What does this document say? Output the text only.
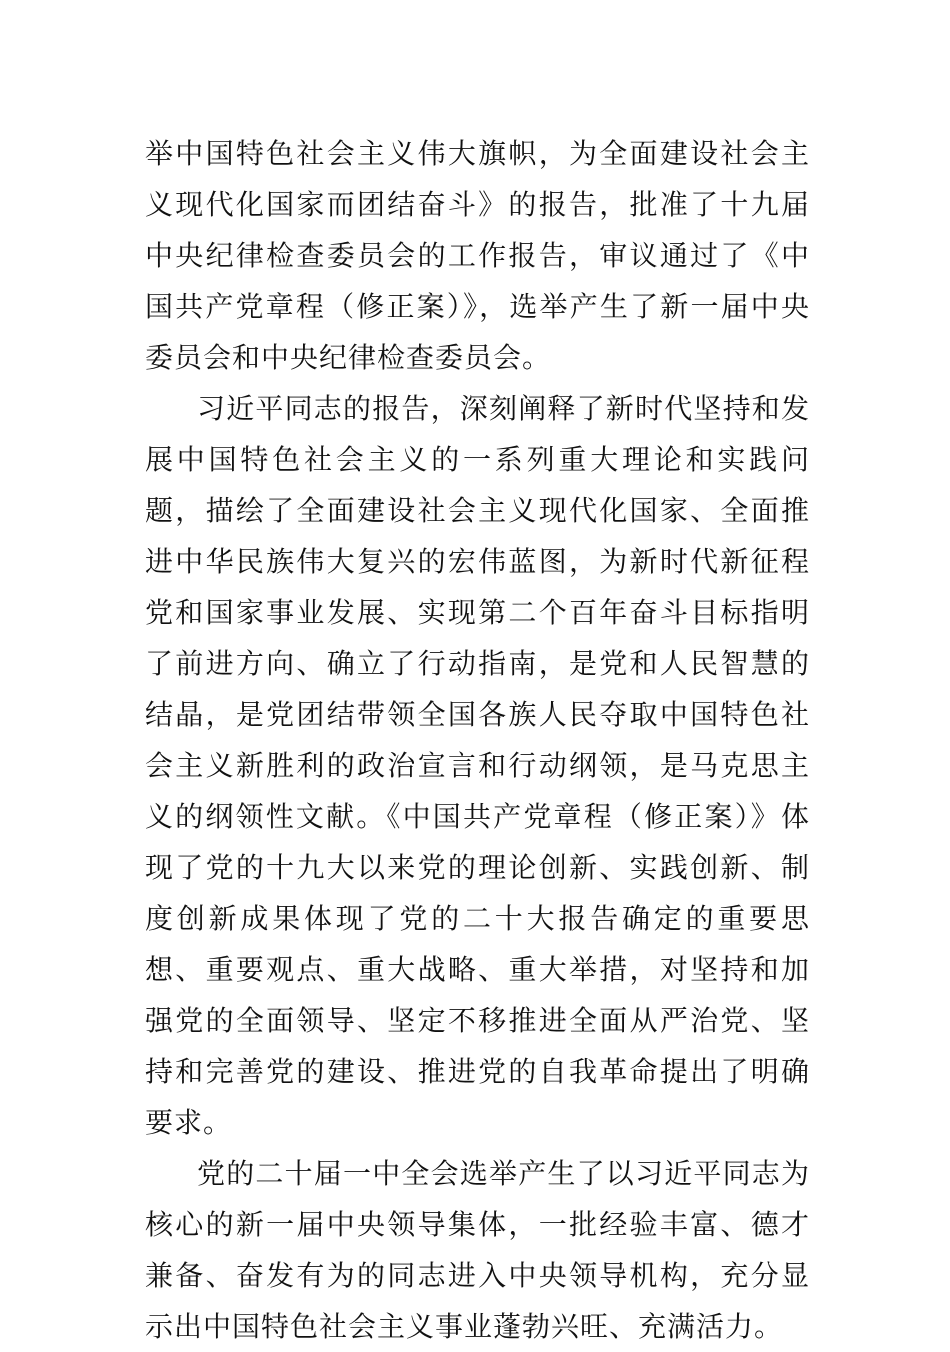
举中国特色社会主义伟大旗帜，为全面建设社会主义现代化国家而团结奋斗》的报告，批准了十九届中央纪律检查委员会的工作报告，审议通过了《中国共产党章程（修正案）》，选举产生了新一届中央委员会和中央纪律检查委员会。

习近平同志的报告，深刻阐释了新时代坚持和发展中国特色社会主义的一系列重大理论和实践问题，描绘了全面建设社会主义现代化国家、全面推进中华民族伟大复兴的宏伟蓝图，为新时代新征程党和国家事业发展、实现第二个百年奋斗目标指明了前进方向、确立了行动指南，是党和人民智慧的结晶，是党团结带领全国各族人民夺取中国特色社会主义新胜利的政治宣言和行动纲领，是马克思主义的纲领性文献。《中国共产党章程（修正案）》体现了党的十九大以来党的理论创新、实践创新、制度创新成果体现了党的二十大报告确定的重要思想、重要观点、重大战略、重大举措，对坚持和加强党的全面领导、坚定不移推进全面从严治党、坚持和完善党的建设、推进党的自我革命提出了明确要求。

党的二十届一中全会选举产生了以习近平同志为核心的新一届中央领导集体，一批经验丰富、德才兼备、奋发有为的同志进入中央领导机构，充分显示出中国特色社会主义事业蓬勃兴旺、充满活力。
